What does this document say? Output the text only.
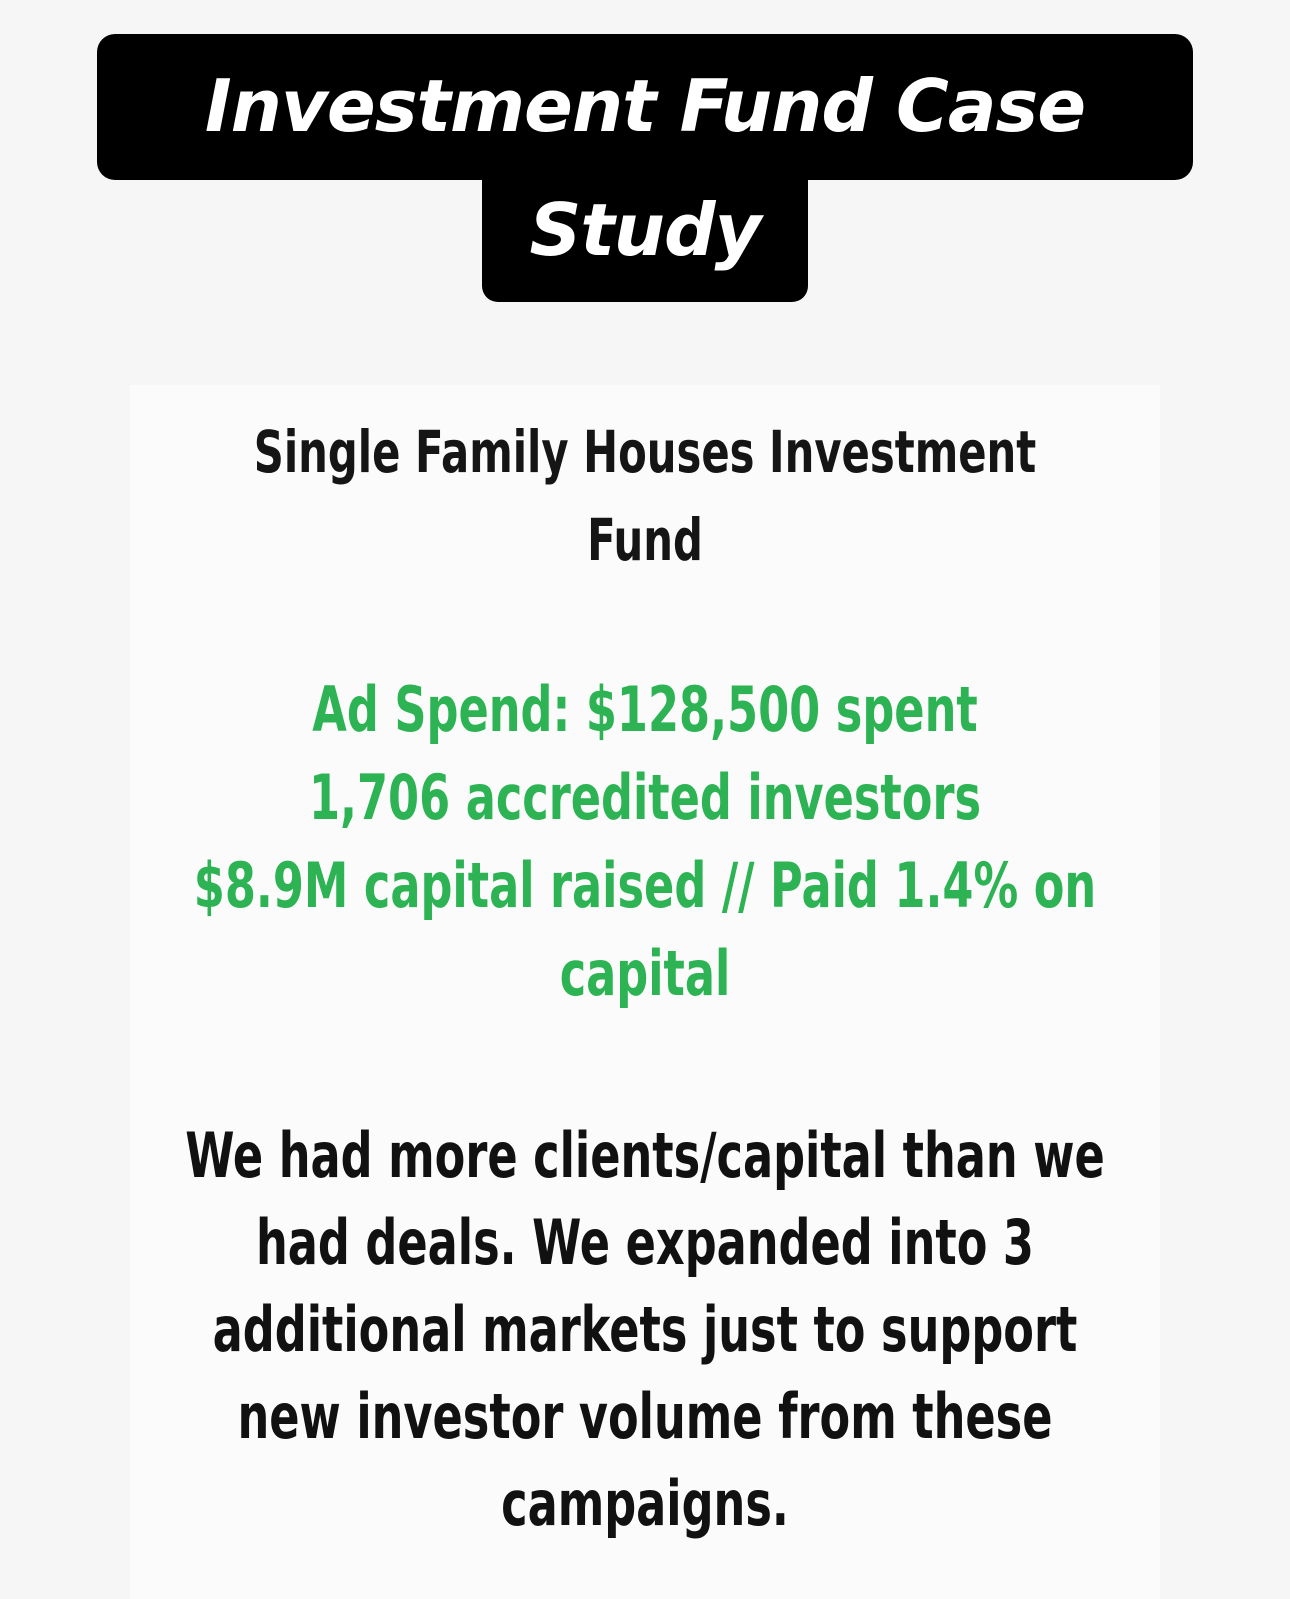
Investment Fund Case
Study
Single Family Houses Investment
Fund
Ad Spend: $128,500 spent
1,706 accredited investors
$8.9M capital raised // Paid 1.4% on
capital
We had more clients/capital than we
had deals. We expanded into 3
additional markets just to support
new investor volume from these
campaigns.
